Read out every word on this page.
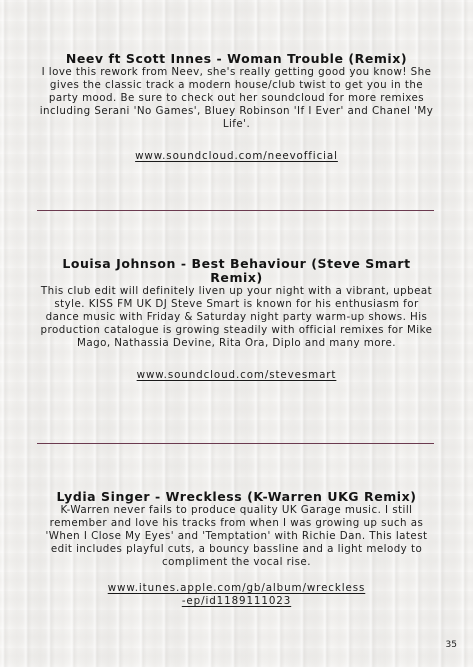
Neev ft Scott Innes - Woman Trouble (Remix)

I love this rework from Neev, she's really getting good you know! She gives the classic track a modern house/club twist to get you in the party mood. Be sure to check out her soundcloud for more remixes including Serani 'No Games', Bluey Robinson 'If I Ever' and Chanel 'My Life'.

www.soundcloud.com/neevofficial
Louisa Johnson - Best Behaviour (Steve Smart Remix)

This club edit will definitely liven up your night with a vibrant, upbeat style. KISS FM UK DJ Steve Smart is known for his enthusiasm for dance music with Friday & Saturday night party warm-up shows. His production catalogue is growing steadily with official remixes for Mike Mago, Nathassia Devine, Rita Ora, Diplo and many more.

www.soundcloud.com/stevesmart
Lydia Singer - Wreckless (K-Warren UKG Remix)

K-Warren never fails to produce quality UK Garage music. I still remember and love his tracks from when I was growing up such as 'When I Close My Eyes' and 'Temptation' with Richie Dan. This latest edit includes playful cuts, a bouncy bassline and a light melody to compliment the vocal rise.

www.itunes.apple.com/gb/album/wreckless-ep/id1189111023
35
